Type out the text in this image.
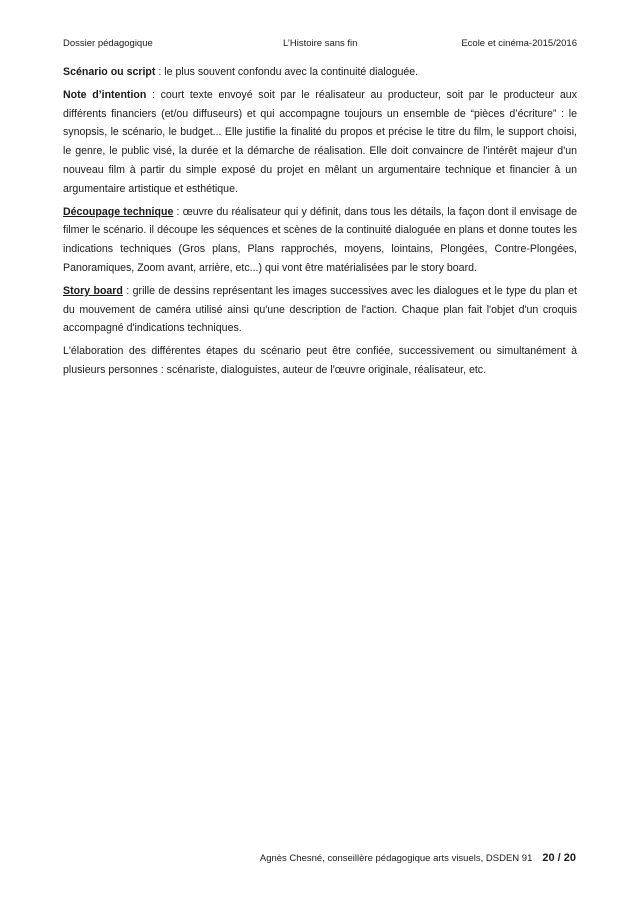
Dossier pédagogique	L’Histoire sans fin	Ecole et cinéma-2015/2016

Scénario ou script : le plus souvent confondu avec la continuité dialoguée.

Note d’intention : court texte envoyé soit par le réalisateur au producteur, soit par le producteur aux différents financiers (et/ou diffuseurs) et qui accompagne toujours un ensemble de “pièces d’écriture” : le synopsis, le scénario, le budget... Elle justifie la finalité du propos et précise le titre du film, le support choisi, le genre, le public visé, la durée et la démarche de réalisation. Elle doit convaincre de l'intérêt majeur d'un nouveau film à partir du simple exposé du projet en mêlant un argumentaire technique et financier à un argumentaire artistique et esthétique.

Découpage technique : œuvre du réalisateur qui y définit, dans tous les détails, la façon dont il envisage de filmer le scénario. il découpe les séquences et scènes de la continuité dialoguée en plans et donne toutes les indications techniques (Gros plans, Plans rapprochés, moyens, lointains, Plongées, Contre-Plongées, Panoramiques, Zoom avant, arrière, etc...) qui vont être matérialisées par le story board.

Story board : grille de dessins représentant les images successives avec les dialogues et le type du plan et du mouvement de caméra utilisé ainsi qu'une description de l'action. Chaque plan fait l'objet d'un croquis accompagné d'indications techniques.

L'élaboration des différentes étapes du scénario peut être confiée, successivement ou simultanément à plusieurs personnes : scénariste, dialoguistes, auteur de l'œuvre originale, réalisateur, etc.

Agnès Chesné, conseillère pédagogique arts visuels, DSDEN 91 20 / 20
